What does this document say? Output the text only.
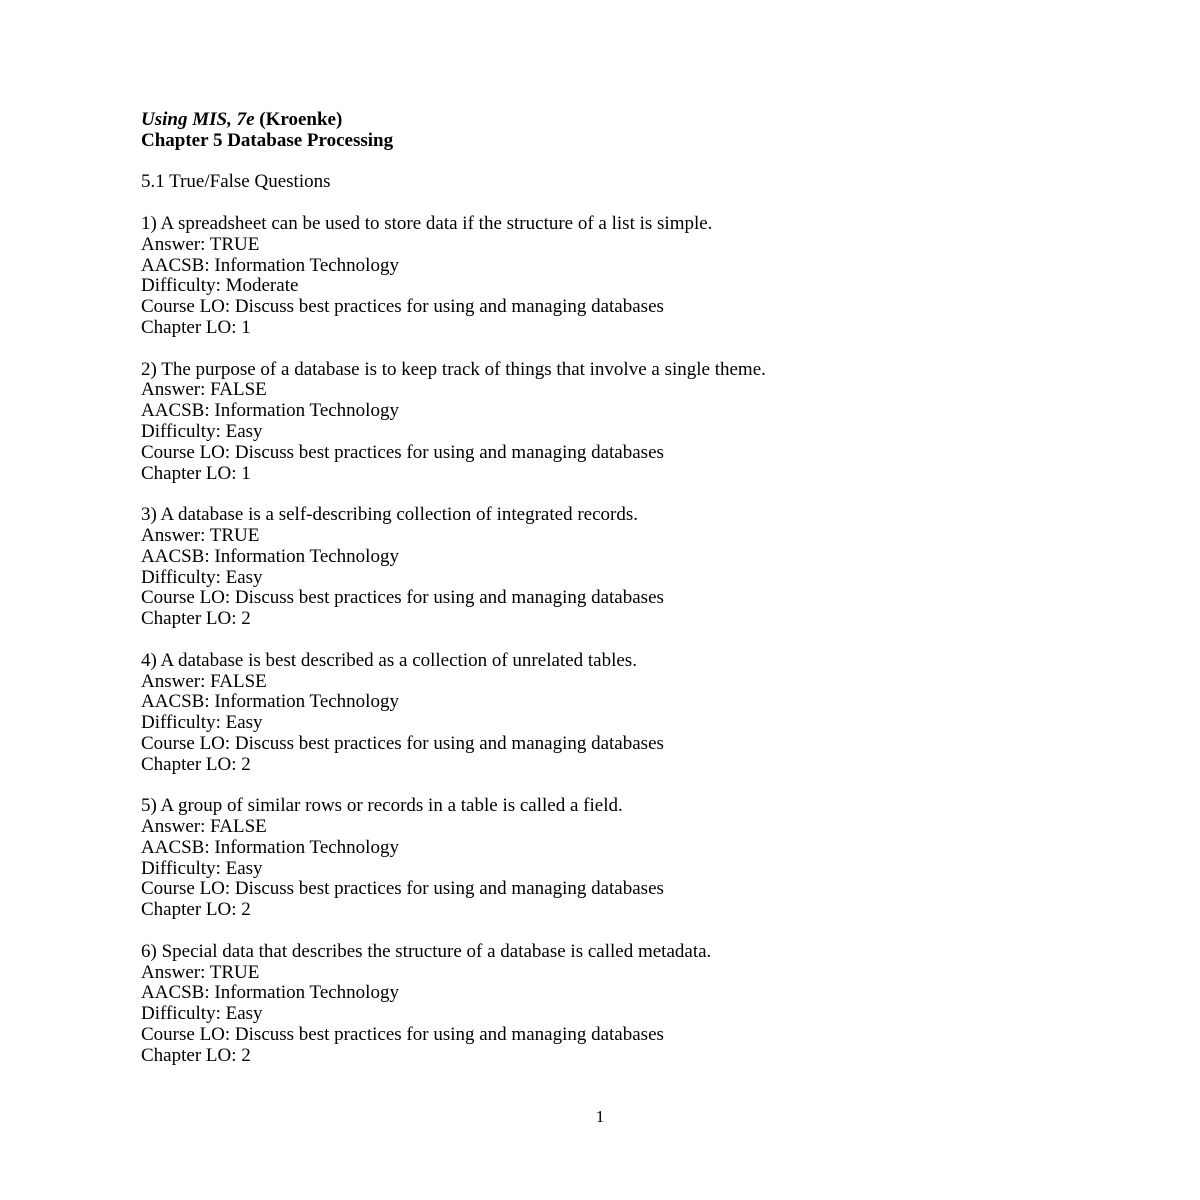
Using MIS, 7e (Kroenke)

Chapter 5 Database Processing

5.1 True/False Questions

1) A spreadsheet can be used to store data if the structure of a list is simple.

Answer: TRUE

AACSB: Information Technology

Difficulty: Moderate

Course LO: Discuss best practices for using and managing databases

Chapter LO: 1

2) The purpose of a database is to keep track of things that involve a single theme.

Answer: FALSE

AACSB: Information Technology

Difficulty: Easy

Course LO: Discuss best practices for using and managing databases

Chapter LO: 1

3) A database is a self-describing collection of integrated records.

Answer: TRUE

AACSB: Information Technology

Difficulty: Easy

Course LO: Discuss best practices for using and managing databases

Chapter LO: 2

4) A database is best described as a collection of unrelated tables.

Answer: FALSE

AACSB: Information Technology

Difficulty: Easy

Course LO: Discuss best practices for using and managing databases

Chapter LO: 2

5) A group of similar rows or records in a table is called a field.

Answer: FALSE

AACSB: Information Technology

Difficulty: Easy

Course LO: Discuss best practices for using and managing databases

Chapter LO: 2

6) Special data that describes the structure of a database is called metadata.

Answer: TRUE

AACSB: Information Technology

Difficulty: Easy

Course LO: Discuss best practices for using and managing databases

Chapter LO: 2

1
